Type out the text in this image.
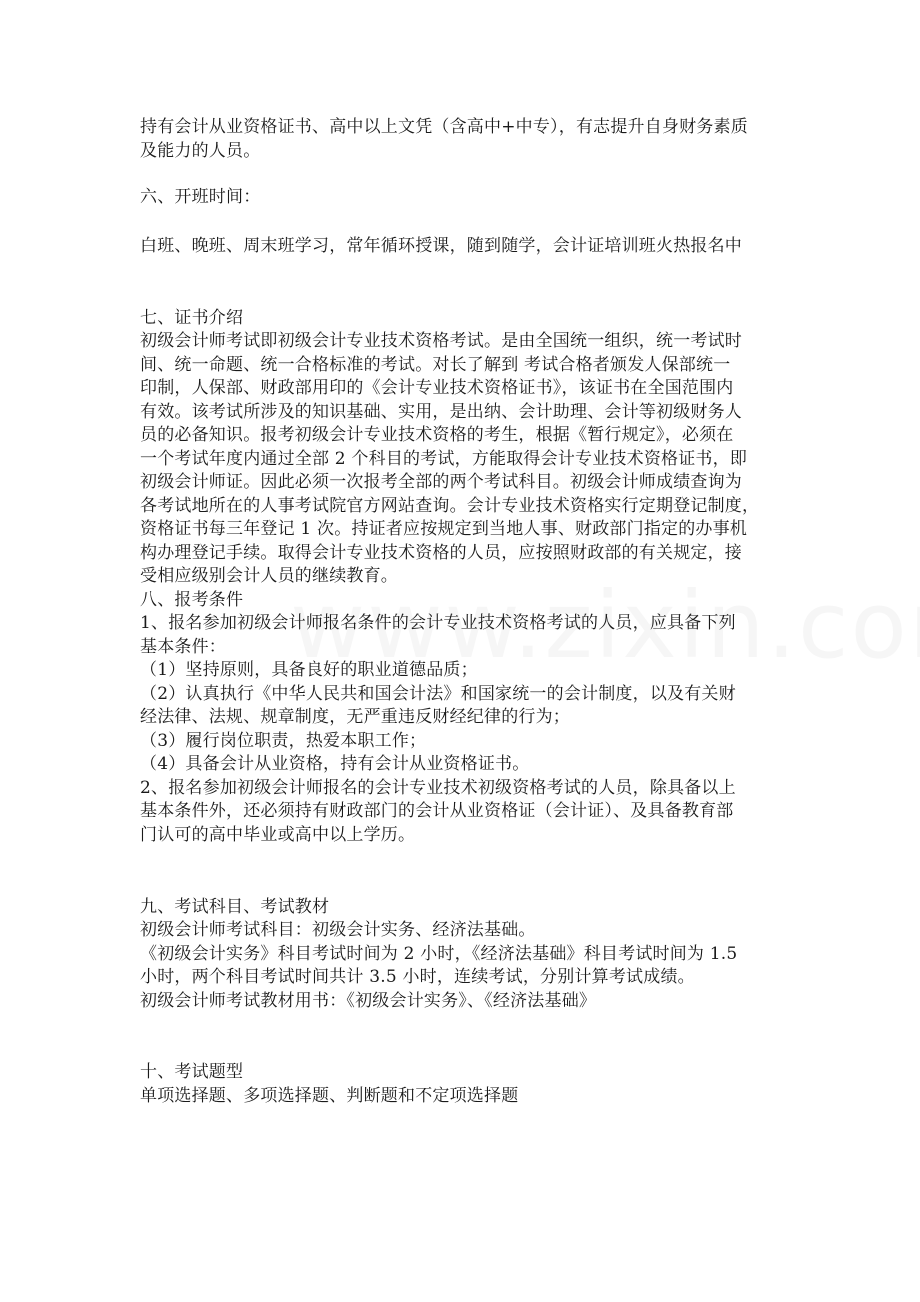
持有会计从业资格证书、高中以上文凭（含高中+中专），有志提升自身财务素质
及能力的人员。
六、开班时间：
白班、晚班、周末班学习，常年循环授课，随到随学，会计证培训班火热报名中
七、证书介绍
初级会计师考试即初级会计专业技术资格考试。是由全国统一组织，统一考试时
间、统一命题、统一合格标准的考试。对长了解到 考试合格者颁发人保部统一
印制，人保部、财政部用印的《会计专业技术资格证书》，该证书在全国范围内
有效。该考试所涉及的知识基础、实用，是出纳、会计助理、会计等初级财务人
员的必备知识。报考初级会计专业技术资格的考生，根据《暂行规定》，必须在
一个考试年度内通过全部 2 个科目的考试，方能取得会计专业技术资格证书，即
初级会计师证。因此必须一次报考全部的两个考试科目。初级会计师成绩查询为
各考试地所在的人事考试院官方网站查询。会计专业技术资格实行定期登记制度，
资格证书每三年登记 1 次。持证者应按规定到当地人事、财政部门指定的办事机
构办理登记手续。取得会计专业技术资格的人员，应按照财政部的有关规定，接
受相应级别会计人员的继续教育。
八、报考条件
1、报名参加初级会计师报名条件的会计专业技术资格考试的人员，应具备下列
基本条件：
（1）坚持原则，具备良好的职业道德品质；
（2）认真执行《中华人民共和国会计法》和国家统一的会计制度，以及有关财
经法律、法规、规章制度，无严重违反财经纪律的行为；
（3）履行岗位职责，热爱本职工作；
（4）具备会计从业资格，持有会计从业资格证书。
2、报名参加初级会计师报名的会计专业技术初级资格考试的人员，除具备以上
基本条件外，还必须持有财政部门的会计从业资格证（会计证）、及具备教育部
门认可的高中毕业或高中以上学历。
九、考试科目、考试教材
初级会计师考试科目：初级会计实务、经济法基础。
《初级会计实务》科目考试时间为 2 小时，《经济法基础》科目考试时间为 1.5
小时，两个科目考试时间共计 3.5 小时，连续考试，分别计算考试成绩。
初级会计师考试教材用书：《初级会计实务》、《经济法基础》
十、考试题型
单项选择题、多项选择题、判断题和不定项选择题
